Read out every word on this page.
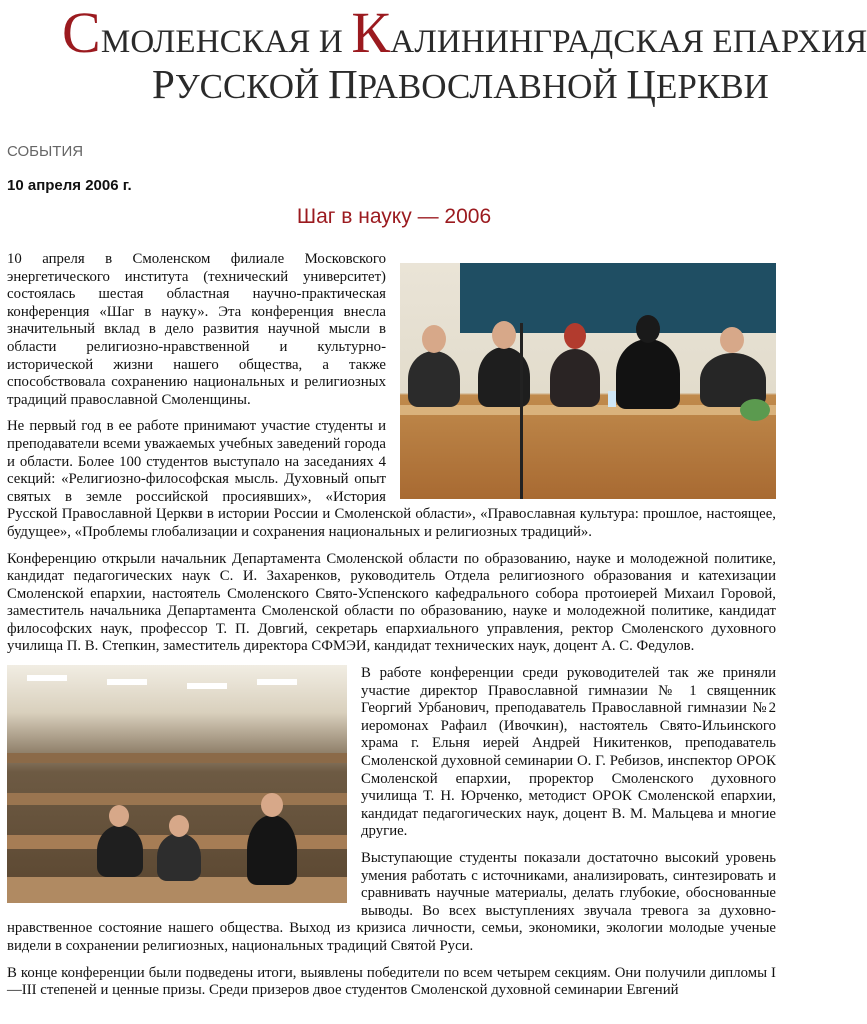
СМОЛЕНСКАЯ И КАЛИНИНГРАДСКАЯ ЕПАРХИЯ
РУССКОЙ ПРАВОСЛАВНОЙ ЦЕРКВИ
СОБЫТИЯ
10 апреля 2006 г.
Шаг в науку — 2006

10 апреля в Смоленском филиале Московского энергетического института (технический университет) состоялась шестая областная научно-практическая конференция «Шаг в науку». Эта конференция внесла значительный вклад в дело развития научной мысли в области религиозно-нравственной и культурно-исторической жизни нашего общества, а также способствовала сохранению национальных и религиозных традиций православной Смоленщины.

Не первый год в ее работе принимают участие студенты и преподаватели всеми уважаемых учебных заведений города и области. Более 100 студентов выступало на заседаниях 4 секций: «Религиозно-философская мысль. Духовный опыт святых в земле российской просиявших», «История Русской Православной Церкви в истории России и Смоленской области», «Православная культура: прошлое, настоящее, будущее», «Проблемы глобализации и сохранения национальных и религиозных традиций».

Конференцию открыли начальник Департамента Смоленской области по образованию, науке и молодежной политике, кандидат педагогических наук С. И. Захаренков, руководитель Отдела религиозного образования и катехизации Смоленской епархии, настоятель Смоленского Свято-Успенского кафедрального собора протоиерей Михаил Горовой, заместитель начальника Департамента Смоленской области по образованию, науке и молодежной политике, кандидат философских наук, профессор Т. П. Довгий, секретарь епархиального управления, ректор Смоленского духовного училища П. В. Степкин, заместитель директора СФМЭИ, кандидат технических наук, доцент А. С. Федулов.

В работе конференции среди руководителей так же приняли участие директор Православной гимназии № 1 священник Георгий Урбанович, преподаватель Православной гимназии №2 иеромонах Рафаил (Ивочкин), настоятель Свято-Ильинского храма г. Ельня иерей Андрей Никитенков, преподаватель Смоленской духовной семинарии О. Г. Ребизов, инспектор ОРОК Смоленской епархии, проректор Смоленского духовного училища Т. Н. Юрченко, методист ОРОК Смоленской епархии, кандидат педагогических наук, доцент В. М. Мальцева и многие другие.

Выступающие студенты показали достаточно высокий уровень умения работать с источниками, анализировать, синтезировать и сравнивать научные материалы, делать глубокие, обоснованные выводы. Во всех выступлениях звучала тревога за духовно-нравственное состояние нашего общества. Выход из кризиса личности, семьи, экономики, экологии молодые ученые видели в сохранении религиозных, национальных традиций Святой Руси.

В конце конференции были подведены итоги, выявлены победители по всем четырем секциям. Они получили дипломы I—III степеней и ценные призы. Среди призеров двое студентов Смоленской духовной семинарии Евгений
